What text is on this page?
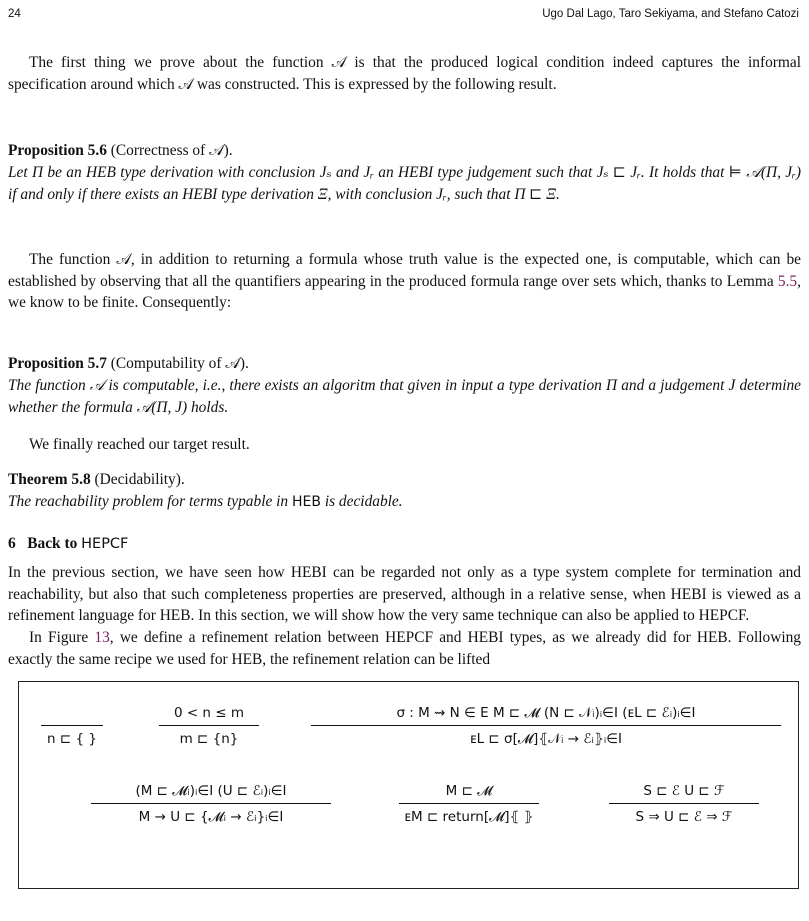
24	Ugo Dal Lago, Taro Sekiyama, and Stefano Catozi
The first thing we prove about the function 𝒜 is that the produced logical condition indeed captures the informal specification around which 𝒜 was constructed. This is expressed by the following result.
Proposition 5.6 (Correctness of 𝒜).
Let Π be an HEB type derivation with conclusion Jₛ and Jᵣ an HEBI type judgement such that Jₛ ⊏ Jᵣ. It holds that ⊨ 𝒜(Π, Jᵣ) if and only if there exists an HEBI type derivation Ξ, with conclusion Jᵣ, such that Π ⊏ Ξ.
The function 𝒜, in addition to returning a formula whose truth value is the expected one, is computable, which can be established by observing that all the quantifiers appearing in the produced formula range over sets which, thanks to Lemma 5.5, we know to be finite. Consequently:
Proposition 5.7 (Computability of 𝒜).
The function 𝒜 is computable, i.e., there exists an algoritm that given in input a type derivation Π and a judgement J determine whether the formula 𝒜(Π, J) holds.
We finally reached our target result.
Theorem 5.8 (Decidability).
The reachability problem for terms typable in HEB is decidable.
6 Back to HEPCF
In the previous section, we have seen how HEBI can be regarded not only as a type system complete for termination and reachability, but also that such completeness properties are preserved, although in a relative sense, when HEBI is viewed as a refinement language for HEB. In this section, we will show how the very same technique can also be applied to HEPCF.
In Figure 13, we define a refinement relation between HEPCF and HEBI types, as we already did for HEB. Following exactly the same recipe we used for HEB, the refinement relation can be lifted

n ⊏ { }
0 < n ≤ m
m ⊏ {n}
σ : M ⇝ N ∈ E M ⊏ 𝓜 (N ⊏ 𝒩ᵢ)ᵢ∈I (ᴇL ⊏ ℰᵢ)ᵢ∈I
ᴇL ⊏ σ[𝓜]⦃𝒩ᵢ → ℰᵢ⦄ᵢ∈I
(M ⊏ 𝓜ᵢ)ᵢ∈I (U ⊏ ℰᵢ)ᵢ∈I
M → U ⊏ {𝓜ᵢ → ℰᵢ}ᵢ∈I
M ⊏ 𝓜
ᴇM ⊏ return[𝓜]⦃ ⦄
S ⊏ ℰ U ⊏ ℱ
S ⇒ U ⊏ ℰ ⇒ ℱ
